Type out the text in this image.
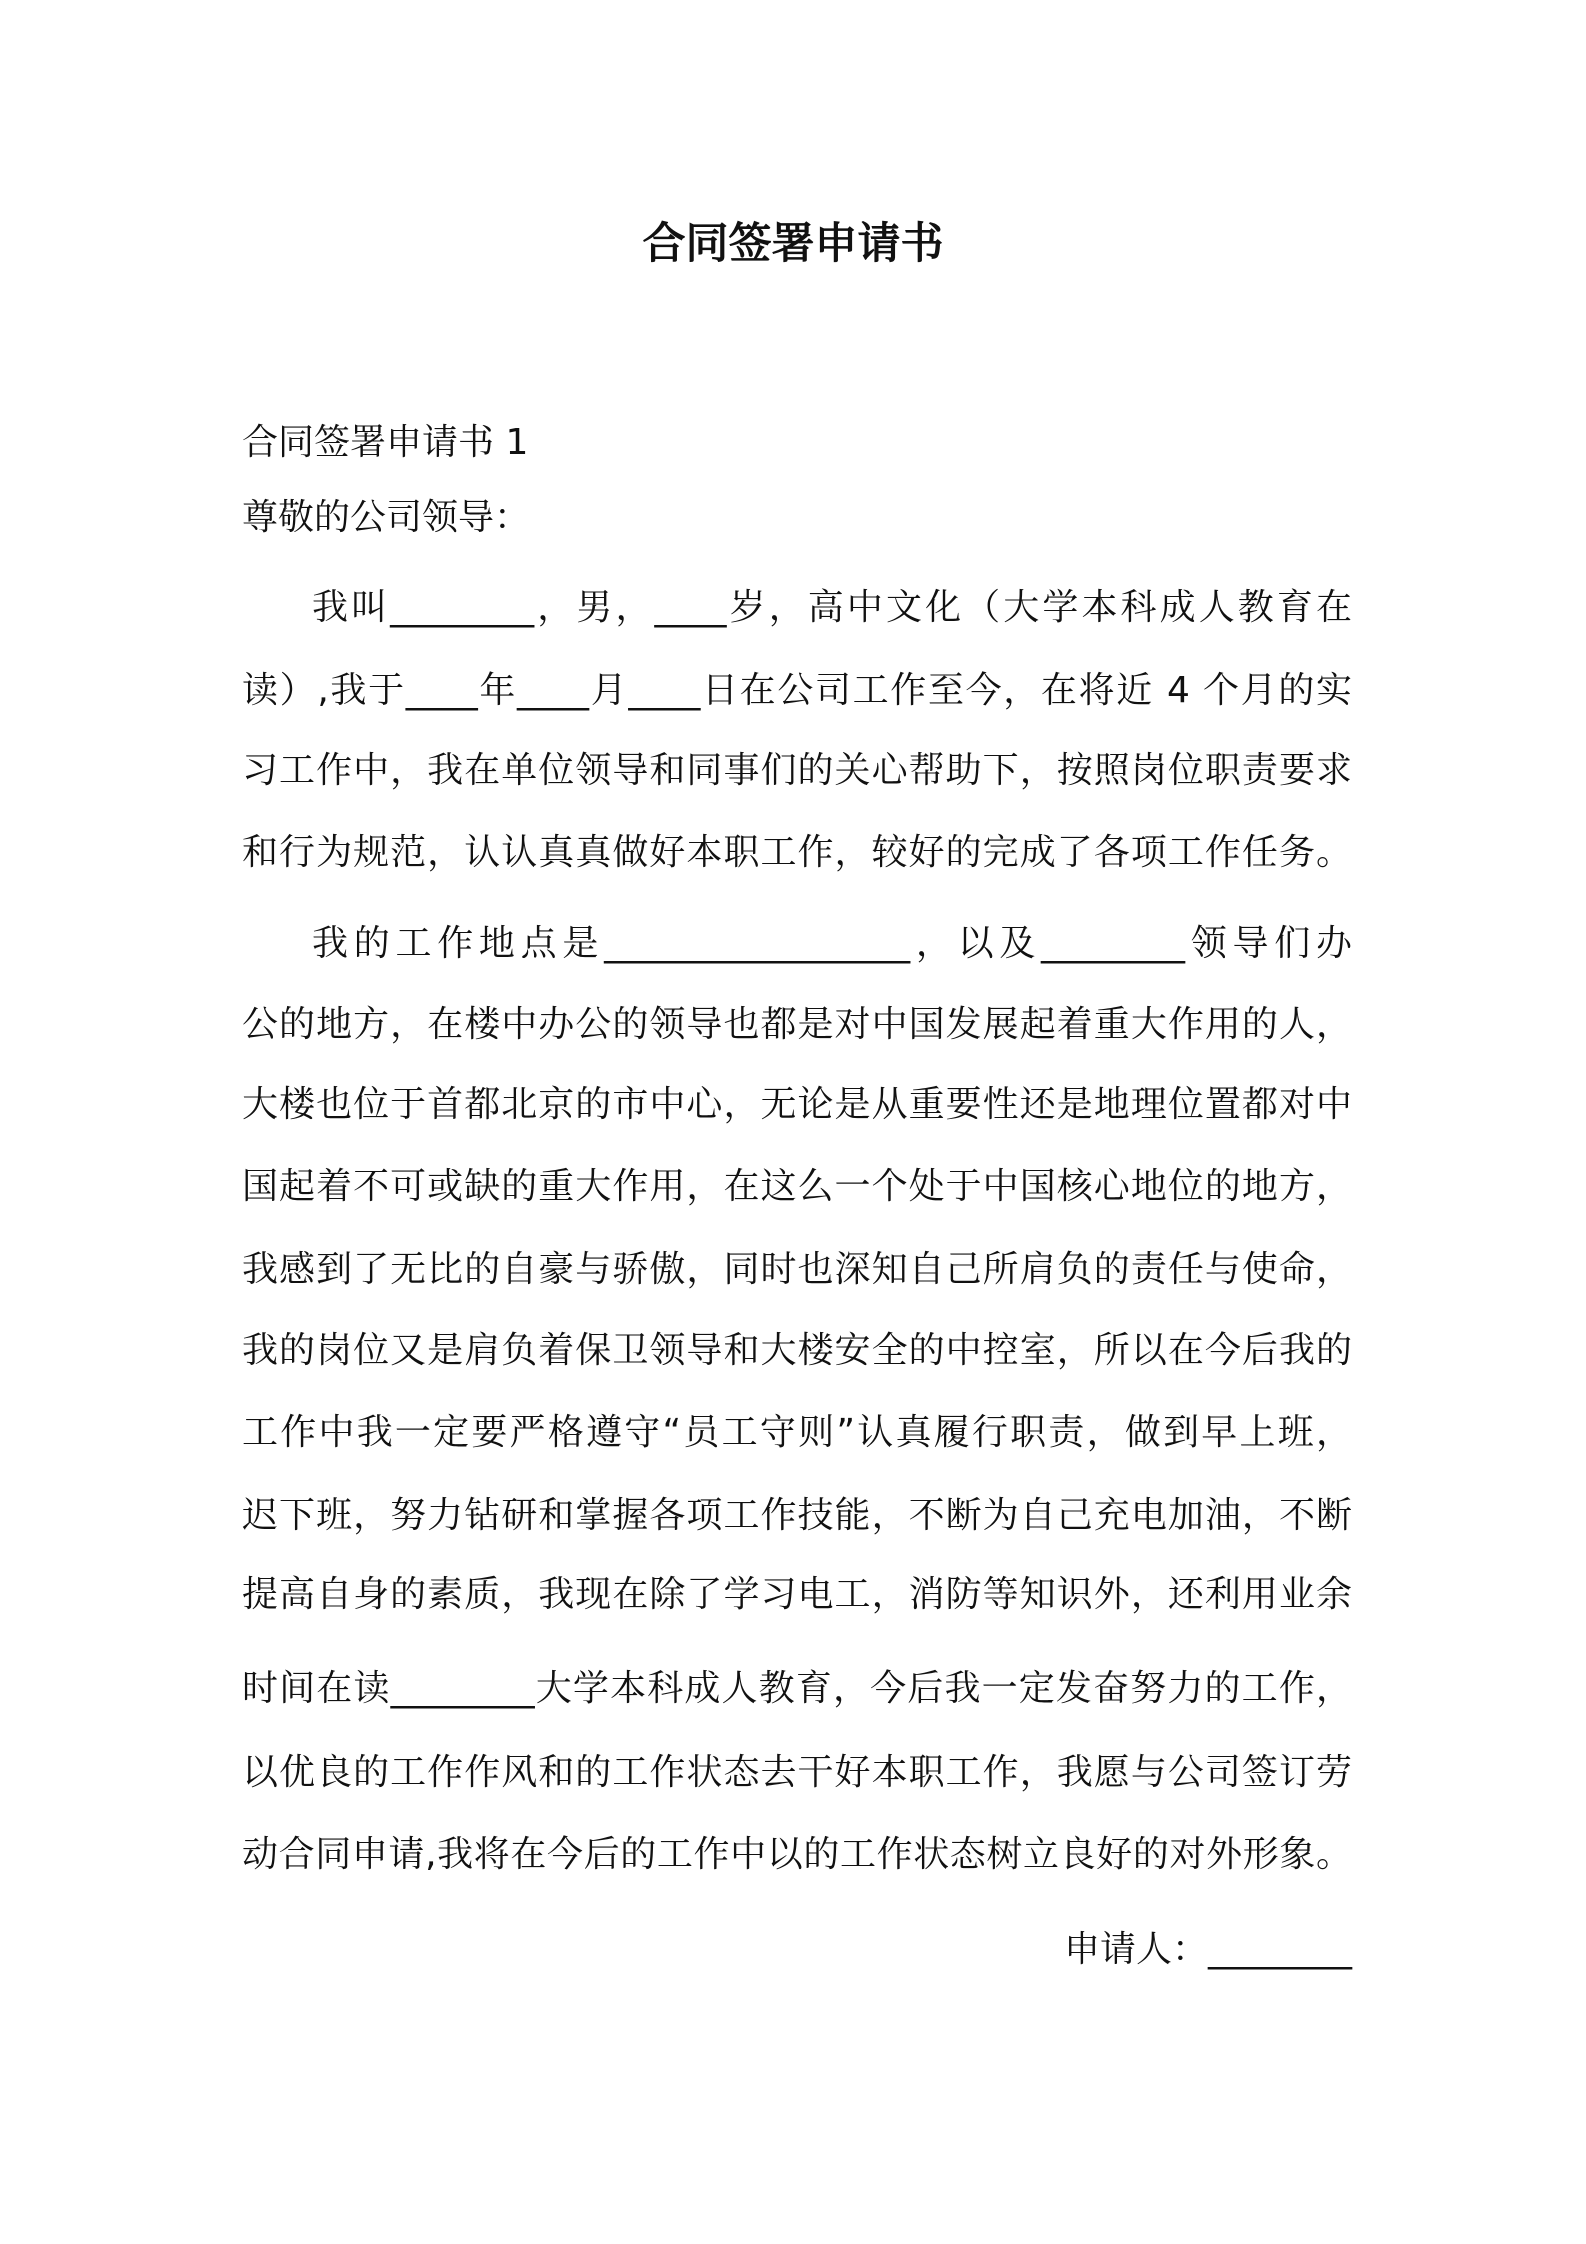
合同签署申请书

合同签署申请书 1

尊敬的公司领导：

我叫________，男，____岁，高中文化（大学本科成人教育在

读）,我于____年____月____日在公司工作至今，在将近 4 个月的实

习工作中，我在单位领导和同事们的关心帮助下，按照岗位职责要求

和行为规范，认认真真做好本职工作，较好的完成了各项工作任务。

我的工作地点是_________________，以及________领导们办

公的地方，在楼中办公的领导也都是对中国发展起着重大作用的人，

大楼也位于首都北京的市中心，无论是从重要性还是地理位置都对中

国起着不可或缺的重大作用，在这么一个处于中国核心地位的地方，

我感到了无比的自豪与骄傲，同时也深知自己所肩负的责任与使命，

我的岗位又是肩负着保卫领导和大楼安全的中控室，所以在今后我的

工作中我一定要严格遵守“员工守则”认真履行职责，做到早上班，

迟下班，努力钻研和掌握各项工作技能，不断为自己充电加油，不断

提高自身的素质，我现在除了学习电工，消防等知识外，还利用业余

时间在读________大学本科成人教育，今后我一定发奋努力的工作，

以优良的工作作风和的工作状态去干好本职工作，我愿与公司签订劳

动合同申请,我将在今后的工作中以的工作状态树立良好的对外形象。

申请人：________
